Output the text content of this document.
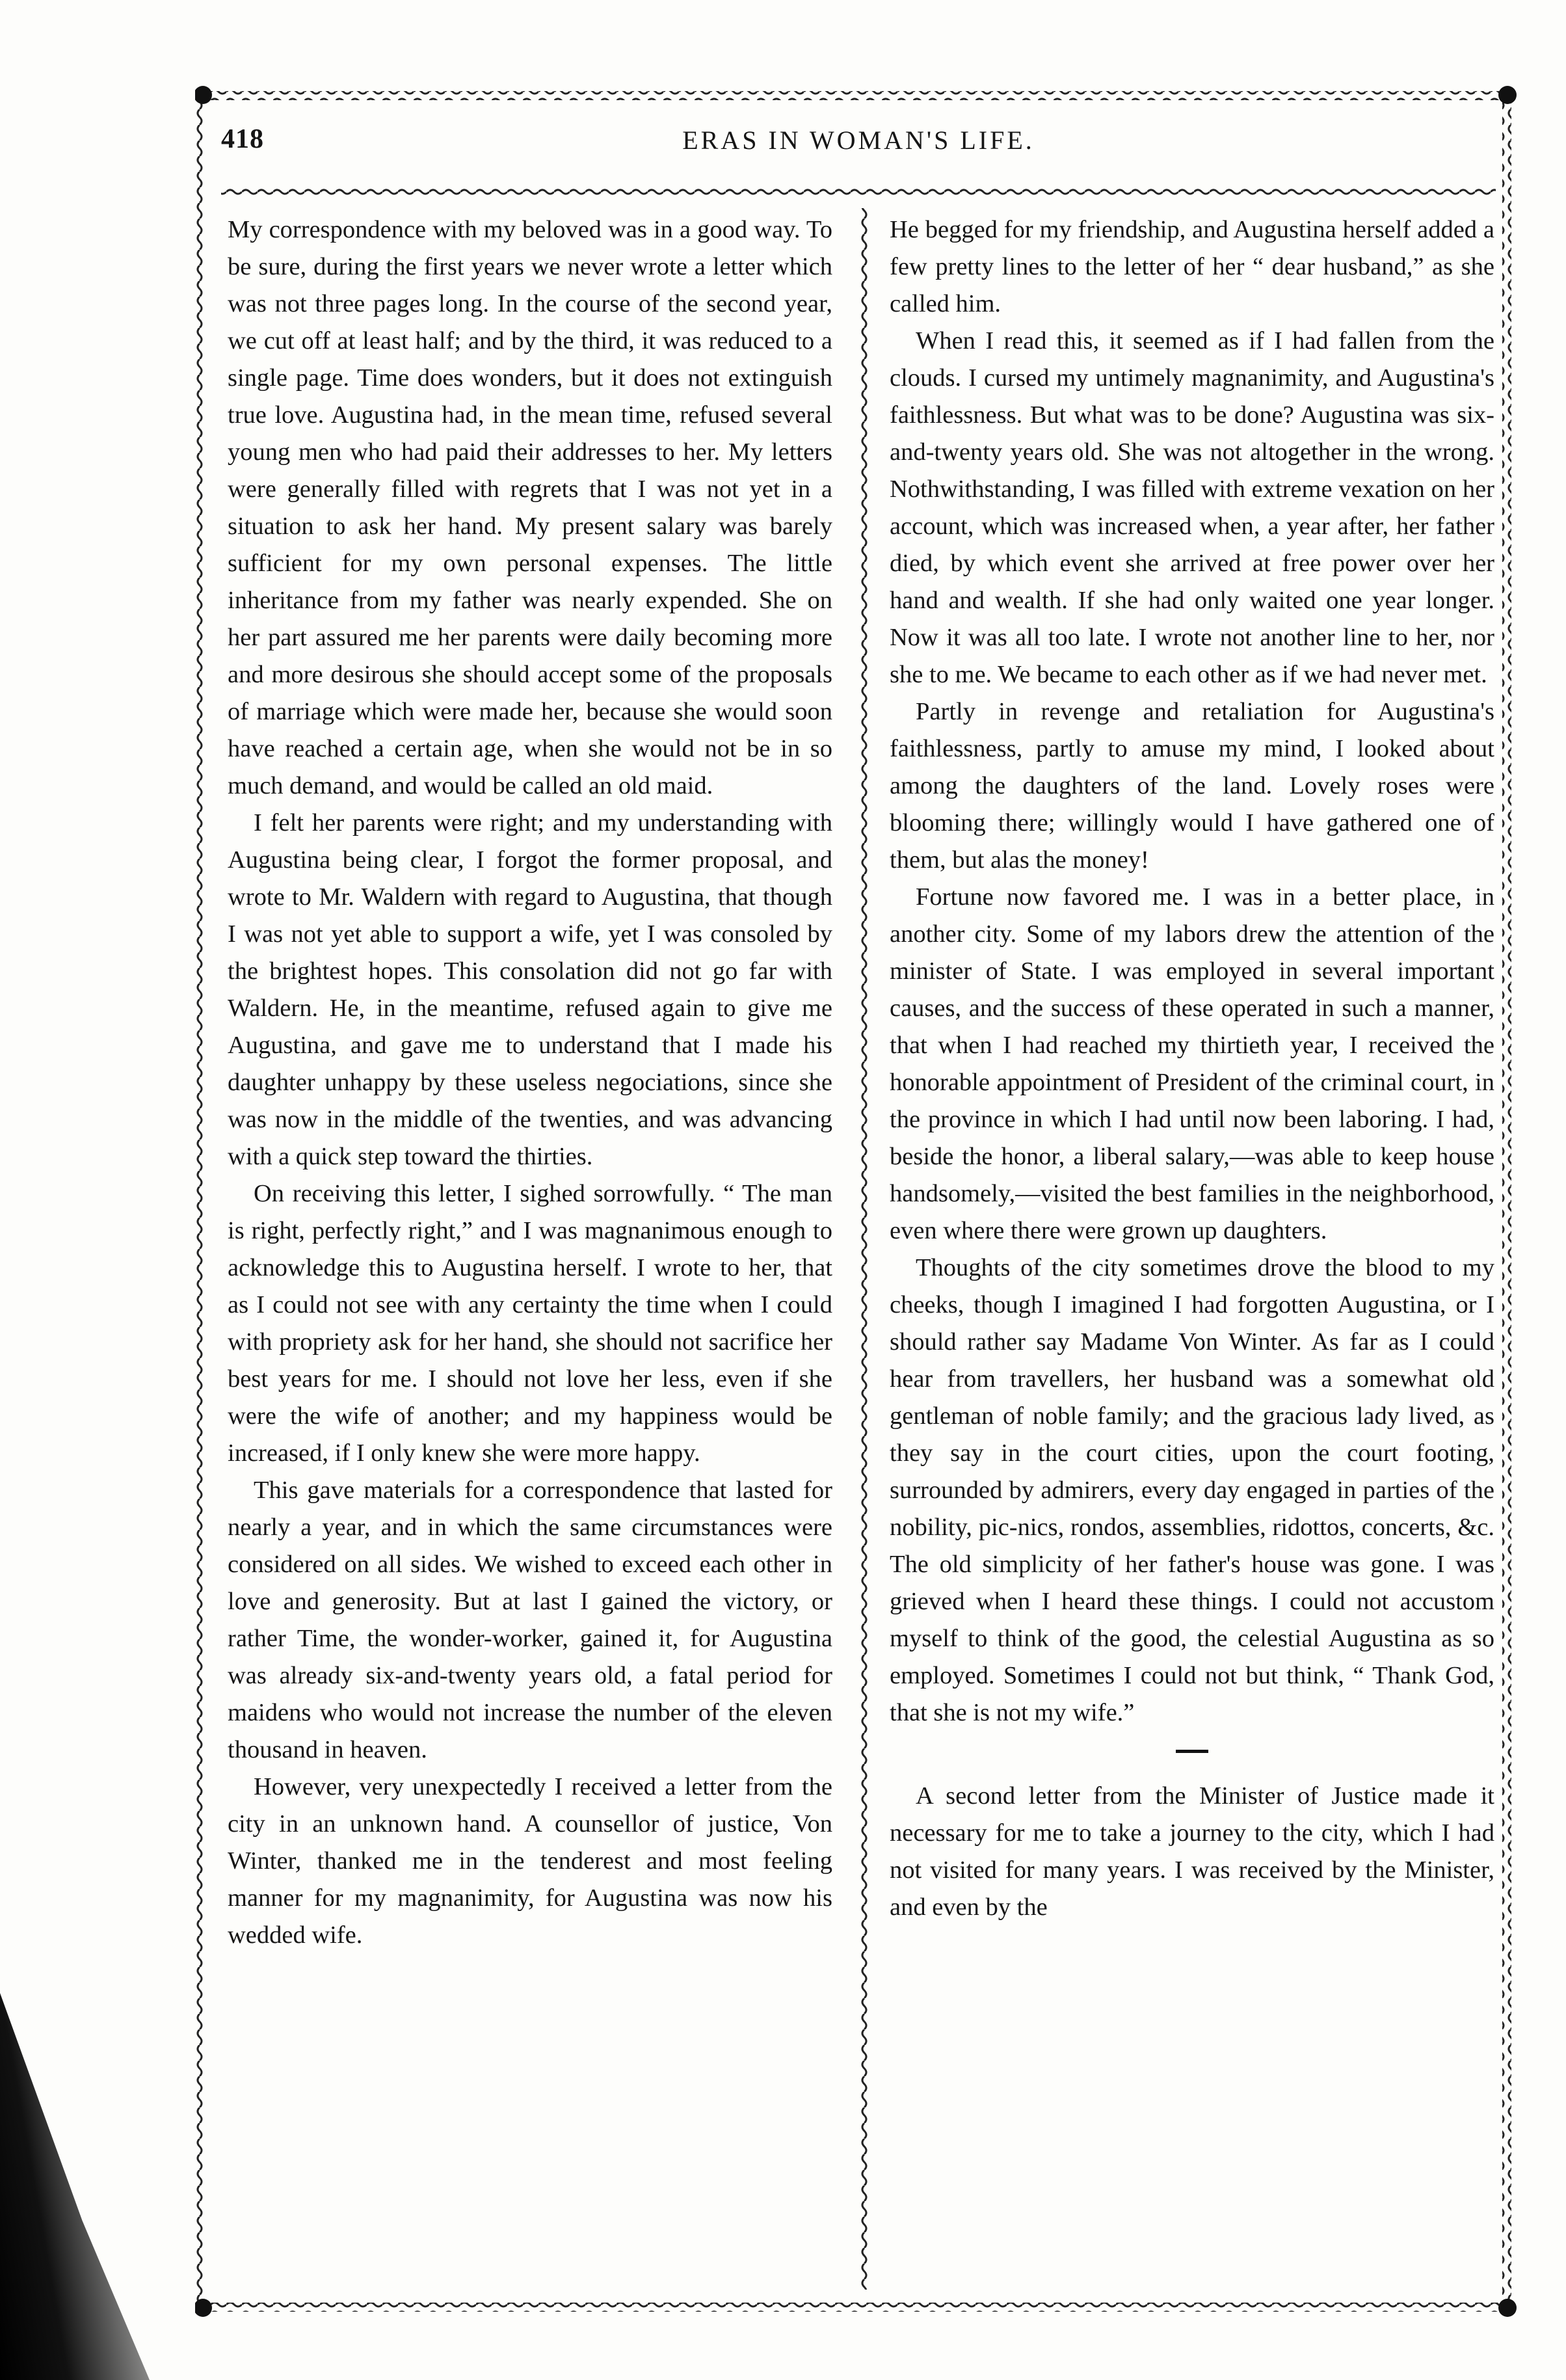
418	ERAS IN WOMAN'S LIFE.

My correspondence with my beloved was in a good way. To be sure, during the first years we never wrote a letter which was not three pages long. In the course of the second year, we cut off at least half; and by the third, it was reduced to a single page. Time does wonders, but it does not extinguish true love. Augustina had, in the mean time, refused several young men who had paid their addresses to her. My letters were generally filled with regrets that I was not yet in a situation to ask her hand. My present salary was barely sufficient for my own personal expenses. The little inheritance from my father was nearly expended. She on her part assured me her parents were daily becoming more and more desirous she should accept some of the proposals of marriage which were made her, because she would soon have reached a certain age, when she would not be in so much demand, and would be called an old maid.

I felt her parents were right; and my understanding with Augustina being clear, I forgot the former proposal, and wrote to Mr. Waldern with regard to Augustina, that though I was not yet able to support a wife, yet I was consoled by the brightest hopes. This consolation did not go far with Waldern. He, in the meantime, refused again to give me Augustina, and gave me to understand that I made his daughter unhappy by these useless negociations, since she was now in the middle of the twenties, and was advancing with a quick step toward the thirties.

On receiving this letter, I sighed sorrowfully. “ The man is right, perfectly right,” and I was magnanimous enough to acknowledge this to Augustina herself. I wrote to her, that as I could not see with any certainty the time when I could with propriety ask for her hand, she should not sacrifice her best years for me. I should not love her less, even if she were the wife of another; and my happiness would be increased, if I only knew she were more happy.

This gave materials for a correspondence that lasted for nearly a year, and in which the same circumstances were considered on all sides. We wished to exceed each other in love and generosity. But at last I gained the victory, or rather Time, the wonder-worker, gained it, for Augustina was already six-and-twenty years old, a fatal period for maidens who would not increase the number of the eleven thousand in heaven.

However, very unexpectedly I received a letter from the city in an unknown hand. A counsellor of justice, Von Winter, thanked me in the tenderest and most feeling manner for my magnanimity, for Augustina was now his wedded wife.

He begged for my friendship, and Augustina herself added a few pretty lines to the letter of her “ dear husband,” as she called him.

When I read this, it seemed as if I had fallen from the clouds. I cursed my untimely magnanimity, and Augustina's faithlessness. But what was to be done? Augustina was six-and-twenty years old. She was not altogether in the wrong. Nothwithstanding, I was filled with extreme vexation on her account, which was increased when, a year after, her father died, by which event she arrived at free power over her hand and wealth. If she had only waited one year longer. Now it was all too late. I wrote not another line to her, nor she to me. We became to each other as if we had never met.

Partly in revenge and retaliation for Augustina's faithlessness, partly to amuse my mind, I looked about among the daughters of the land. Lovely roses were blooming there; willingly would I have gathered one of them, but alas the money!

Fortune now favored me. I was in a better place, in another city. Some of my labors drew the attention of the minister of State. I was employed in several important causes, and the success of these operated in such a manner, that when I had reached my thirtieth year, I received the honorable appointment of President of the criminal court, in the province in which I had until now been laboring. I had, beside the honor, a liberal salary,—was able to keep house handsomely,—visited the best families in the neighborhood, even where there were grown up daughters.

Thoughts of the city sometimes drove the blood to my cheeks, though I imagined I had forgotten Augustina, or I should rather say Madame Von Winter. As far as I could hear from travellers, her husband was a somewhat old gentleman of noble family; and the gracious lady lived, as they say in the court cities, upon the court footing, surrounded by admirers, every day engaged in parties of the nobility, pic-nics, rondos, assemblies, ridottos, concerts, &c. The old simplicity of her father's house was gone. I was grieved when I heard these things. I could not accustom myself to think of the good, the celestial Augustina as so employed. Sometimes I could not but think, “ Thank God, that she is not my wife.”

A second letter from the Minister of Justice made it necessary for me to take a journey to the city, which I had not visited for many years. I was received by the Minister, and even by the
